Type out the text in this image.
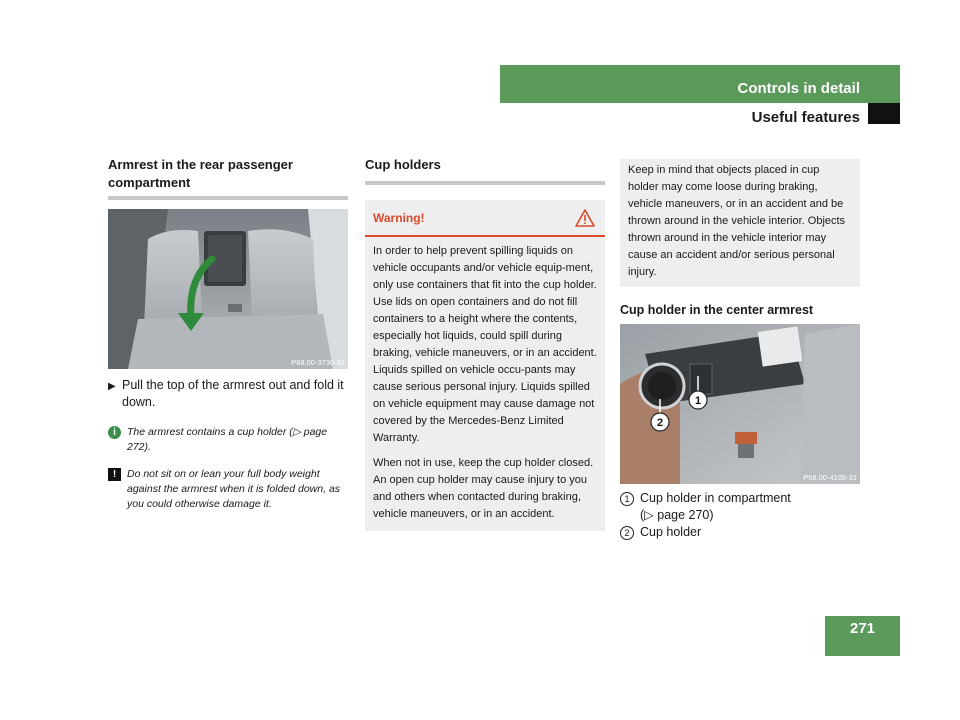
Controls in detail
Useful features
Armrest in the rear passenger compartment
P68.00-3730-31
▶ Pull the top of the armrest out and fold it down.
i	The armrest contains a cup holder (▷ page 272).
!	Do not sit on or lean your full body weight against the armrest when it is folded down, as you could otherwise damage it.
Cup holders
Warning!
In order to help prevent spilling liquids on vehicle occupants and/or vehicle equip-ment, only use containers that fit into the cup holder. Use lids on open containers and do not fill containers to a height where the contents, especially hot liquids, could spill during braking, vehicle maneuvers, or in an accident. Liquids spilled on vehicle occu-pants may cause serious personal injury. Liquids spilled on vehicle equipment may cause damage not covered by the Mercedes-Benz Limited Warranty.
When not in use, keep the cup holder closed. An open cup holder may cause injury to you and others when contacted during braking, vehicle maneuvers, or in an accident.
Keep in mind that objects placed in cup holder may come loose during braking, vehicle maneuvers, or in an accident and be thrown around in the vehicle interior. Objects thrown around in the vehicle interior may cause an accident and/or serious personal injury.
Cup holder in the center armrest
1
2
P68.00-4105-31
1 Cup holder in compartment
(▷ page 270)
2 Cup holder
271
